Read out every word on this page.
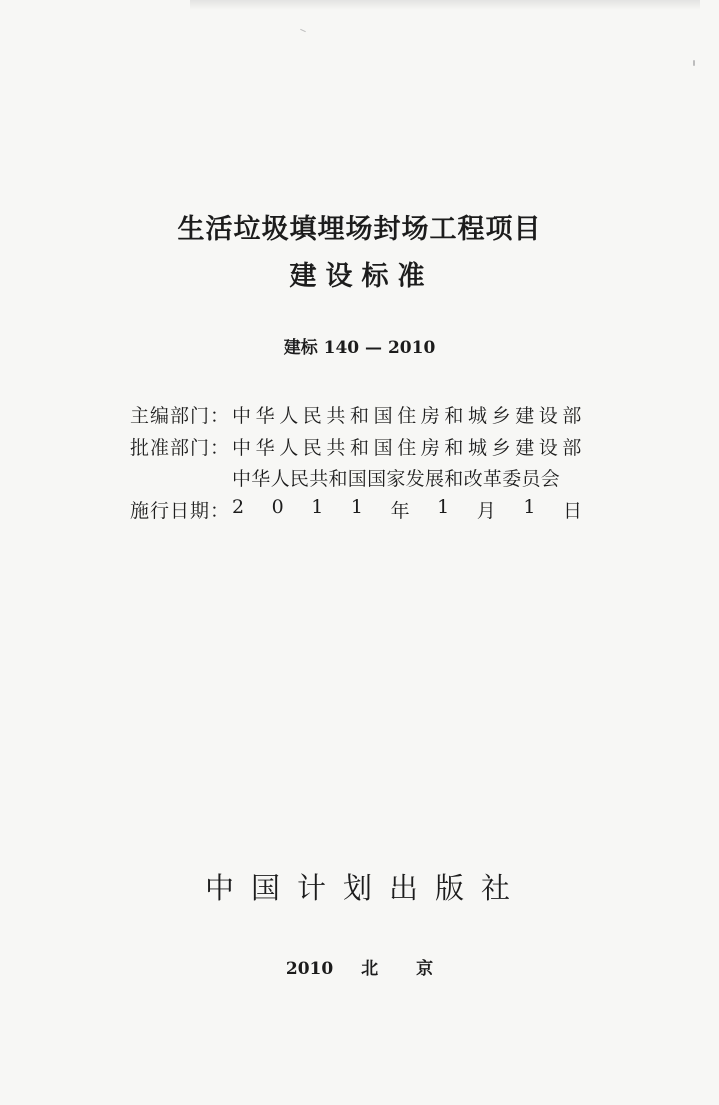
生活垃圾填埋场封场工程项目
建设标准
建标 140 — 2010
主编部门： 中华人民共和国住房和城乡建设部
批准部门： 中华人民共和国住房和城乡建设部
中华人民共和国国家发展和改革委员会
施行日期： 2 0 1 1 年 1 月 1 日
中国计划出版社
2010 北京
